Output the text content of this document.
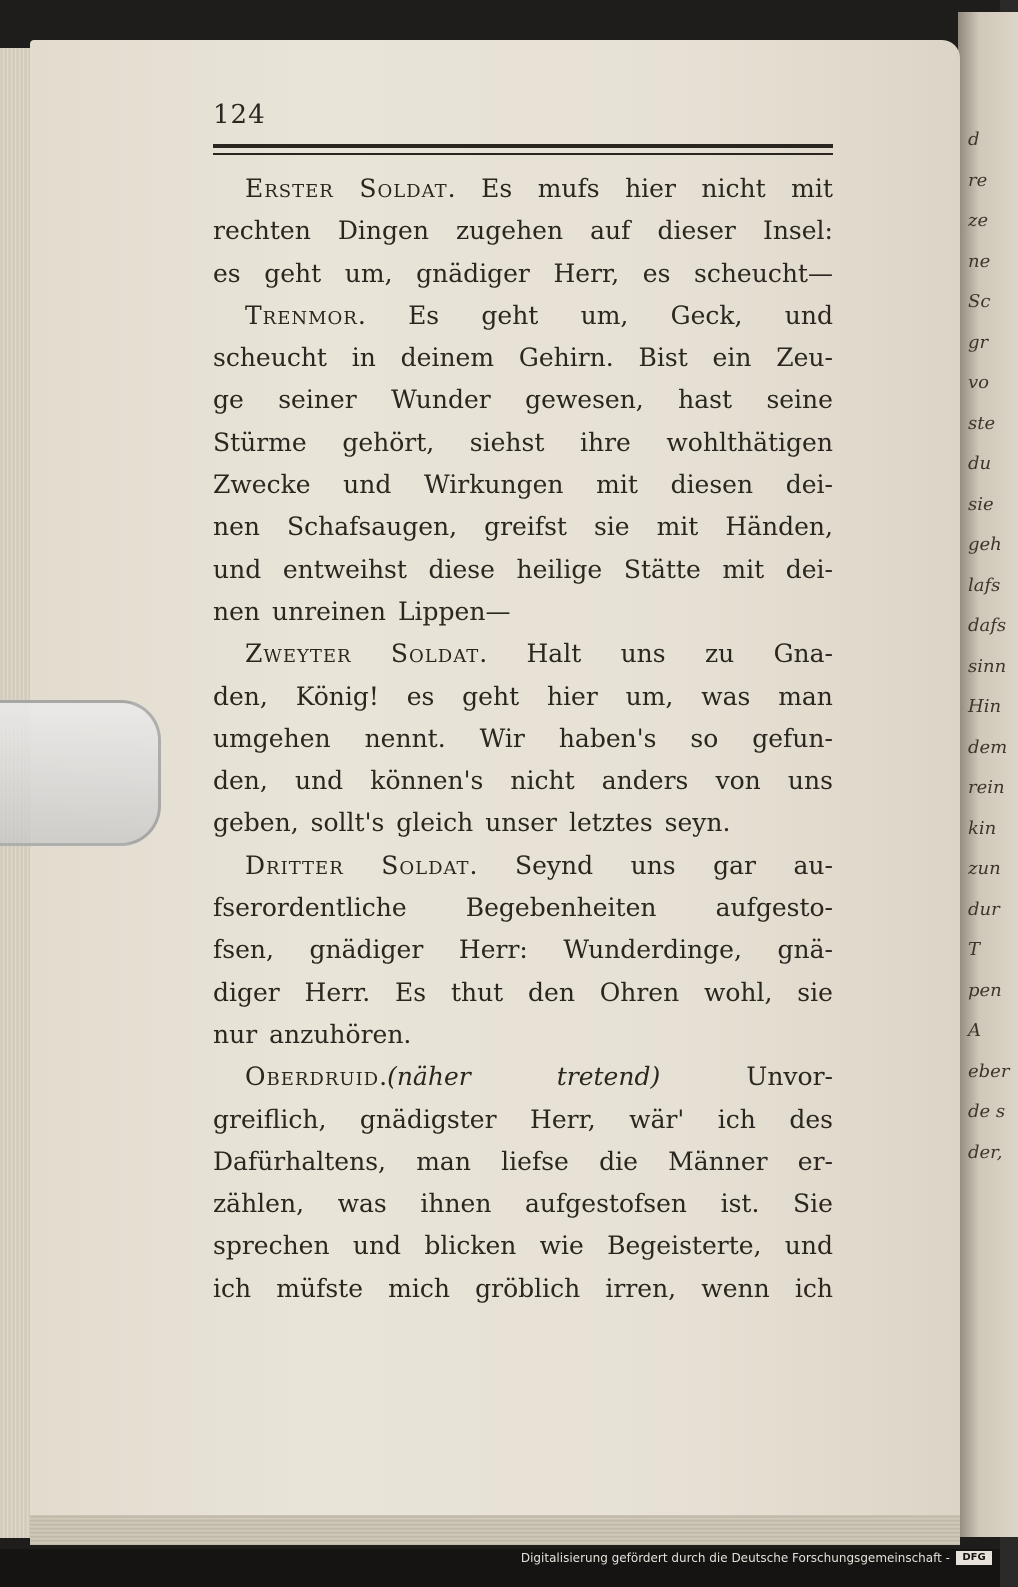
d
re
ze
ne
Sc
gr
vo
ste
du
sie
geh
lafs
dafs
sinn
Hin
dem
rein
kin
zun
dur
T
pen
A
eber
de s
der,
124
Erster Soldat. Es mufs hier nicht mit
rechten Dingen zugehen auf dieser Insel:
es geht um, gnädiger Herr, es scheucht—
Trenmor. Es geht um, Geck, und
scheucht in deinem Gehirn. Bist ein Zeu-
ge seiner Wunder gewesen, hast seine
Stürme gehört, siehst ihre wohlthätigen
Zwecke und Wirkungen mit diesen dei-
nen Schafsaugen, greifst sie mit Händen,
und entweihst diese heilige Stätte mit dei-
nen unreinen Lippen—
Zweyter Soldat. Halt uns zu Gna-
den, König! es geht hier um, was man
umgehen nennt. Wir haben's so gefun-
den, und können's nicht anders von uns
geben, sollt's gleich unser letztes seyn.
Dritter Soldat. Seynd uns gar au-
fserordentliche Begebenheiten aufgesto-
fsen, gnädiger Herr: Wunderdinge, gnä-
diger Herr. Es thut den Ohren wohl, sie
nur anzuhören.
Oberdruid.(näher	tretend)	Unvor-
greiflich, gnädigster Herr, wär' ich des
Dafürhaltens, man liefse die Männer er-
zählen, was ihnen aufgestofsen ist. Sie
sprechen und blicken wie Begeisterte, und
ich müfste mich gröblich irren, wenn ich
Digitalisierung gefördert durch die Deutsche Forschungsgemeinschaft -	DFG
